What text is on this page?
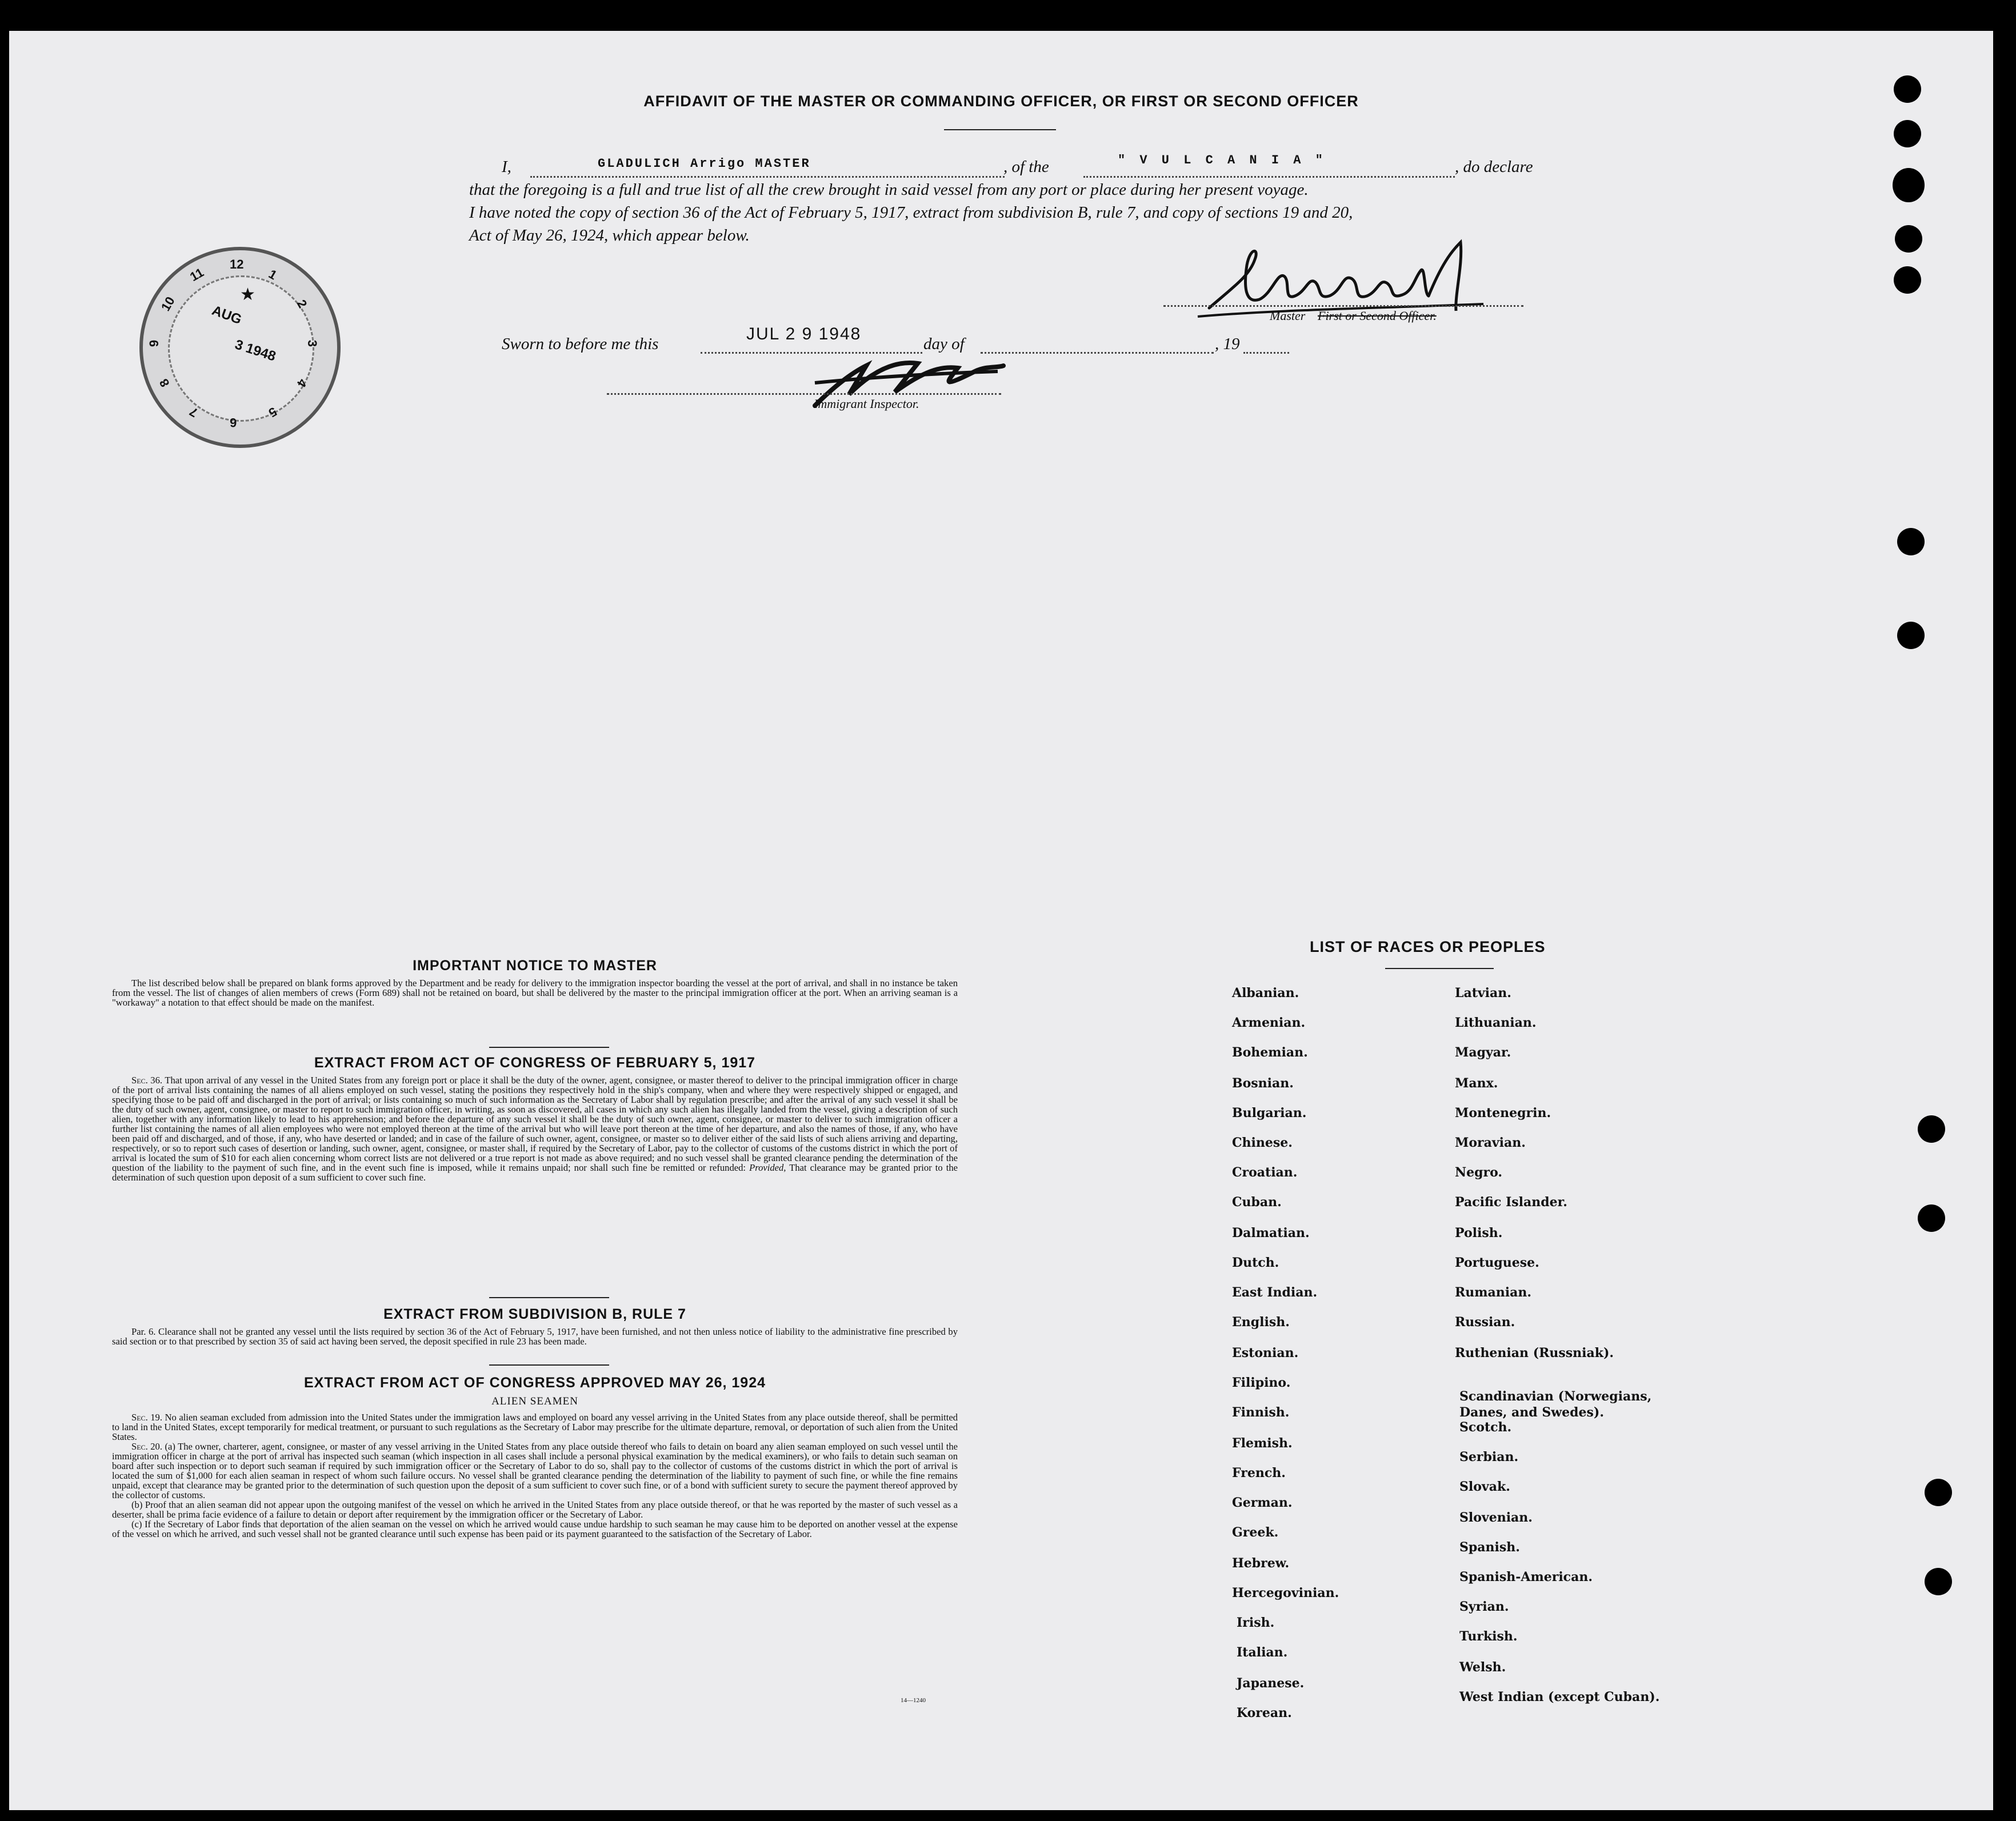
AFFIDAVIT OF THE MASTER OR COMMANDING OFFICER, OR FIRST OR SECOND OFFICER
I,	GLADULICH Arrigo MASTER	, of the	" V U L C A N I A "	, do declare
that the foregoing is a full and true list of all the crew brought in said vessel from any port or place during her present voyage.
I have noted the copy of section 36 of the Act of February 5, 1917, extract from subdivision B, rule 7, and copy of sections 19 and 20,
Act of May 26, 1924, which appear below.
Master First or Second Officer.
Sworn to before me this
JUL 2 9 1948
day of	, 19
Immigrant Inspector.
AUG
3 1948
★
12
1
2
3
4
5
6
7
8
9
10
11
IMPORTANT NOTICE TO MASTER

The list described below shall be prepared on blank forms approved by the Department and be ready for delivery to the immigration inspector boarding the vessel at the port of arrival, and shall in no instance be taken from the vessel. The list of changes of alien members of crews (Form 689) shall not be retained on board, but shall be delivered by the master to the principal immigration officer at the port. When an arriving seaman is a "workaway" a notation to that effect should be made on the manifest.

EXTRACT FROM ACT OF CONGRESS OF FEBRUARY 5, 1917

Sec. 36. That upon arrival of any vessel in the United States from any foreign port or place it shall be the duty of the owner, agent, consignee, or master thereof to deliver to the principal immigration officer in charge of the port of arrival lists containing the names of all aliens employed on such vessel, stating the positions they respectively hold in the ship's company, when and where they were respectively shipped or engaged, and specifying those to be paid off and discharged in the port of arrival; or lists containing so much of such information as the Secretary of Labor shall by regulation prescribe; and after the arrival of any such vessel it shall be the duty of such owner, agent, consignee, or master to report to such immigration officer, in writing, as soon as discovered, all cases in which any such alien has illegally landed from the vessel, giving a description of such alien, together with any information likely to lead to his apprehension; and before the departure of any such vessel it shall be the duty of such owner, agent, consignee, or master to deliver to such immigration officer a further list containing the names of all alien employees who were not employed thereon at the time of the arrival but who will leave port thereon at the time of her departure, and also the names of those, if any, who have been paid off and discharged, and of those, if any, who have deserted or landed; and in case of the failure of such owner, agent, consignee, or master so to deliver either of the said lists of such aliens arriving and departing, respectively, or so to report such cases of desertion or landing, such owner, agent, consignee, or master shall, if required by the Secretary of Labor, pay to the collector of customs of the customs district in which the port of arrival is located the sum of $10 for each alien concerning whom correct lists are not delivered or a true report is not made as above required; and no such vessel shall be granted clearance pending the determination of the question of the liability to the payment of such fine, and in the event such fine is imposed, while it remains unpaid; nor shall such fine be remitted or refunded: Provided, That clearance may be granted prior to the determination of such question upon deposit of a sum sufficient to cover such fine.

EXTRACT FROM SUBDIVISION B, RULE 7

Par. 6. Clearance shall not be granted any vessel until the lists required by section 36 of the Act of February 5, 1917, have been furnished, and not then unless notice of liability to the administrative fine prescribed by said section or to that prescribed by section 35 of said act having been served, the deposit specified in rule 23 has been made.

EXTRACT FROM ACT OF CONGRESS APPROVED MAY 26, 1924
ALIEN SEAMEN

Sec. 19. No alien seaman excluded from admission into the United States under the immigration laws and employed on board any vessel arriving in the United States from any place outside thereof, shall be permitted to land in the United States, except temporarily for medical treatment, or pursuant to such regulations as the Secretary of Labor may prescribe for the ultimate departure, removal, or deportation of such alien from the United States.

Sec. 20. (a) The owner, charterer, agent, consignee, or master of any vessel arriving in the United States from any place outside thereof who fails to detain on board any alien seaman employed on such vessel until the immigration officer in charge at the port of arrival has inspected such seaman (which inspection in all cases shall include a personal physical examination by the medical examiners), or who fails to detain such seaman on board after such inspection or to deport such seaman if required by such immigration officer or the Secretary of Labor to do so, shall pay to the collector of customs of the customs district in which the port of arrival is located the sum of $1,000 for each alien seaman in respect of whom such failure occurs. No vessel shall be granted clearance pending the determination of the liability to payment of such fine, or while the fine remains unpaid, except that clearance may be granted prior to the determination of such question upon the deposit of a sum sufficient to cover such fine, or of a bond with sufficient surety to secure the payment thereof approved by the collector of customs.

(b) Proof that an alien seaman did not appear upon the outgoing manifest of the vessel on which he arrived in the United States from any place outside thereof, or that he was reported by the master of such vessel as a deserter, shall be prima facie evidence of a failure to detain or deport after requirement by the immigration officer or the Secretary of Labor.

(c) If the Secretary of Labor finds that deportation of the alien seaman on the vessel on which he arrived would cause undue hardship to such seaman he may cause him to be deported on another vessel at the expense of the vessel on which he arrived, and such vessel shall not be granted clearance until such expense has been paid or its payment guaranteed to the satisfaction of the Secretary of Labor.

14—1240
LIST OF RACES OR PEOPLES
Danes, and Swedes).
Albanian.
Armenian.
Bohemian.
Bosnian.
Bulgarian.
Chinese.
Croatian.
Cuban.
Dalmatian.
Dutch.
East Indian.
English.
Estonian.
Filipino.
Finnish.
Flemish.
French.
German.
Greek.
Hebrew.
Hercegovinian.
Irish.
Italian.
Japanese.
Korean.
Latvian.
Lithuanian.
Magyar.
Manx.
Montenegrin.
Moravian.
Negro.
Pacific Islander.
Polish.
Portuguese.
Rumanian.
Russian.
Ruthenian (Russniak).
Scandinavian (Norwegians,
Scotch.
Serbian.
Slovak.
Slovenian.
Spanish.
Spanish-American.
Syrian.
Turkish.
Welsh.
West Indian (except Cuban).
